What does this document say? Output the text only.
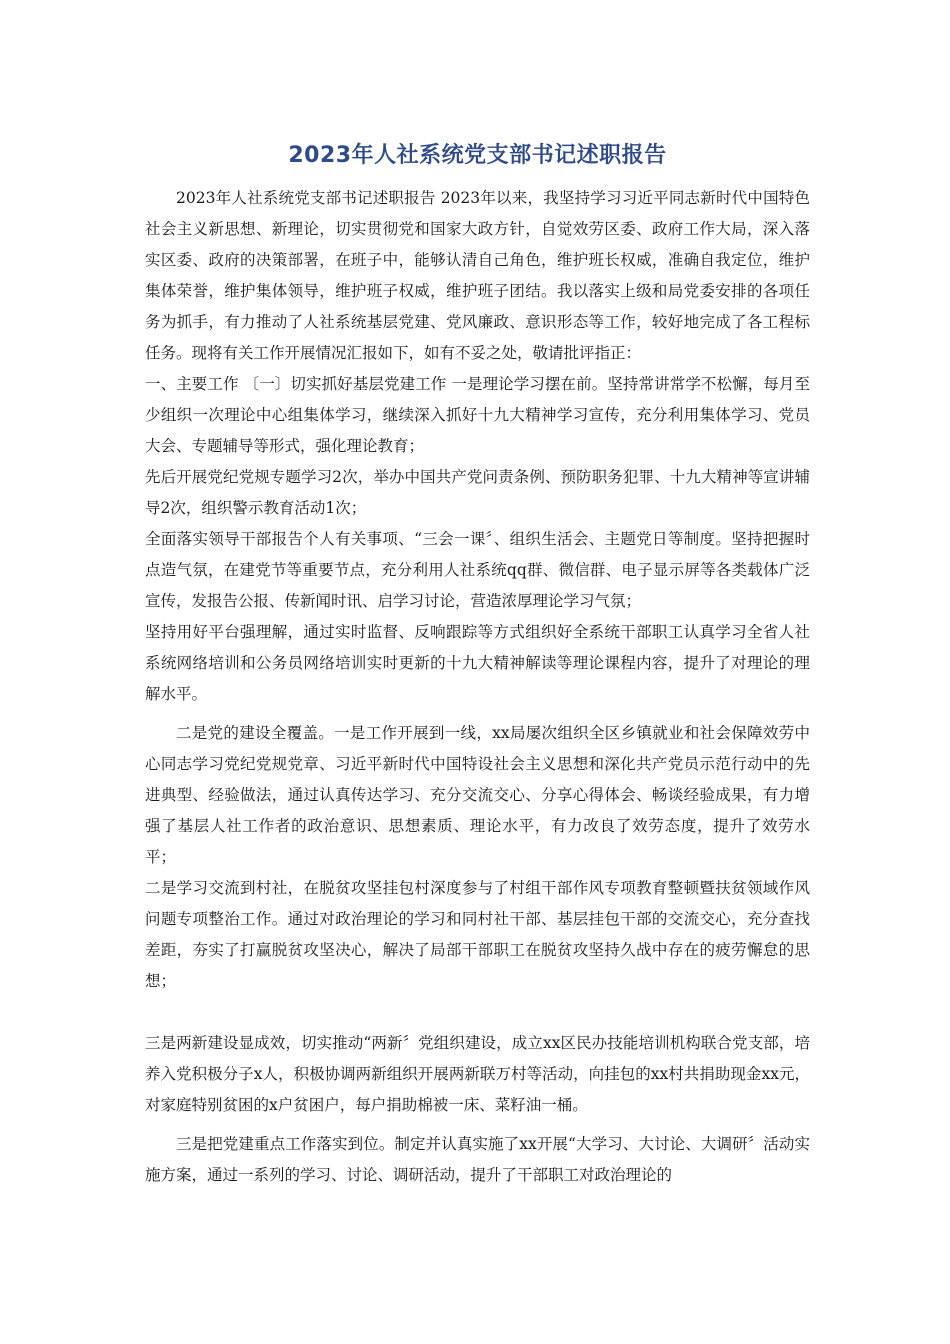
2023年人社系统党支部书记述职报告

2023年人社系统党支部书记述职报告 2023年以来，我坚持学习习近平同志新时代中国特色社会主义新思想、新理论，切实贯彻党和国家大政方针，自觉效劳区委、政府工作大局，深入落实区委、政府的决策部署，在班子中，能够认清自己角色，维护班长权威，准确自我定位，维护集体荣誉，维护集体领导，维护班子权威，维护班子团结。我以落实上级和局党委安排的各项任务为抓手，有力推动了人社系统基层党建、党风廉政、意识形态等工作，较好地完成了各工程标任务。现将有关工作开展情况汇报如下，如有不妥之处，敬请批评指正：

一、主要工作 〔一〕切实抓好基层党建工作 一是理论学习摆在前。坚持常讲常学不松懈，每月至少组织一次理论中心组集体学习，继续深入抓好十九大精神学习宣传，充分利用集体学习、党员大会、专题辅导等形式，强化理论教育；

先后开展党纪党规专题学习2次，举办中国共产党问责条例、预防职务犯罪、十九大精神等宣讲辅导2次，组织警示教育活动1次；

全面落实领导干部报告个人有关事项、“三会一课〞、组织生活会、主题党日等制度。坚持把握时点造气氛，在建党节等重要节点，充分利用人社系统qq群、微信群、电子显示屏等各类载体广泛宣传，发报告公报、传新闻时讯、启学习讨论，营造浓厚理论学习气氛；

坚持用好平台强理解，通过实时监督、反响跟踪等方式组织好全系统干部职工认真学习全省人社系统网络培训和公务员网络培训实时更新的十九大精神解读等理论课程内容，提升了对理论的理解水平。

二是党的建设全覆盖。一是工作开展到一线，xx局屡次组织全区乡镇就业和社会保障效劳中心同志学习党纪党规党章、习近平新时代中国特设社会主义思想和深化共产党员示范行动中的先进典型、经验做法，通过认真传达学习、充分交流交心、分享心得体会、畅谈经验成果，有力增强了基层人社工作者的政治意识、思想素质、理论水平，有力改良了效劳态度，提升了效劳水平；

二是学习交流到村社，在脱贫攻坚挂包村深度参与了村组干部作风专项教育整顿暨扶贫领域作风问题专项整治工作。通过对政治理论的学习和同村社干部、基层挂包干部的交流交心，充分查找差距，夯实了打赢脱贫攻坚决心，解决了局部干部职工在脱贫攻坚持久战中存在的疲劳懈怠的思想；

三是两新建设显成效，切实推动“两新〞党组织建设，成立xx区民办技能培训机构联合党支部，培养入党积极分子x人，积极协调两新组织开展两新联万村等活动，向挂包的xx村共捐助现金xx元，对家庭特别贫困的x户贫困户，每户捐助棉被一床、菜籽油一桶。

三是把党建重点工作落实到位。制定并认真实施了xx开展“大学习、大讨论、大调研〞活动实施方案，通过一系列的学习、讨论、调研活动，提升了干部职工对政治理论的
